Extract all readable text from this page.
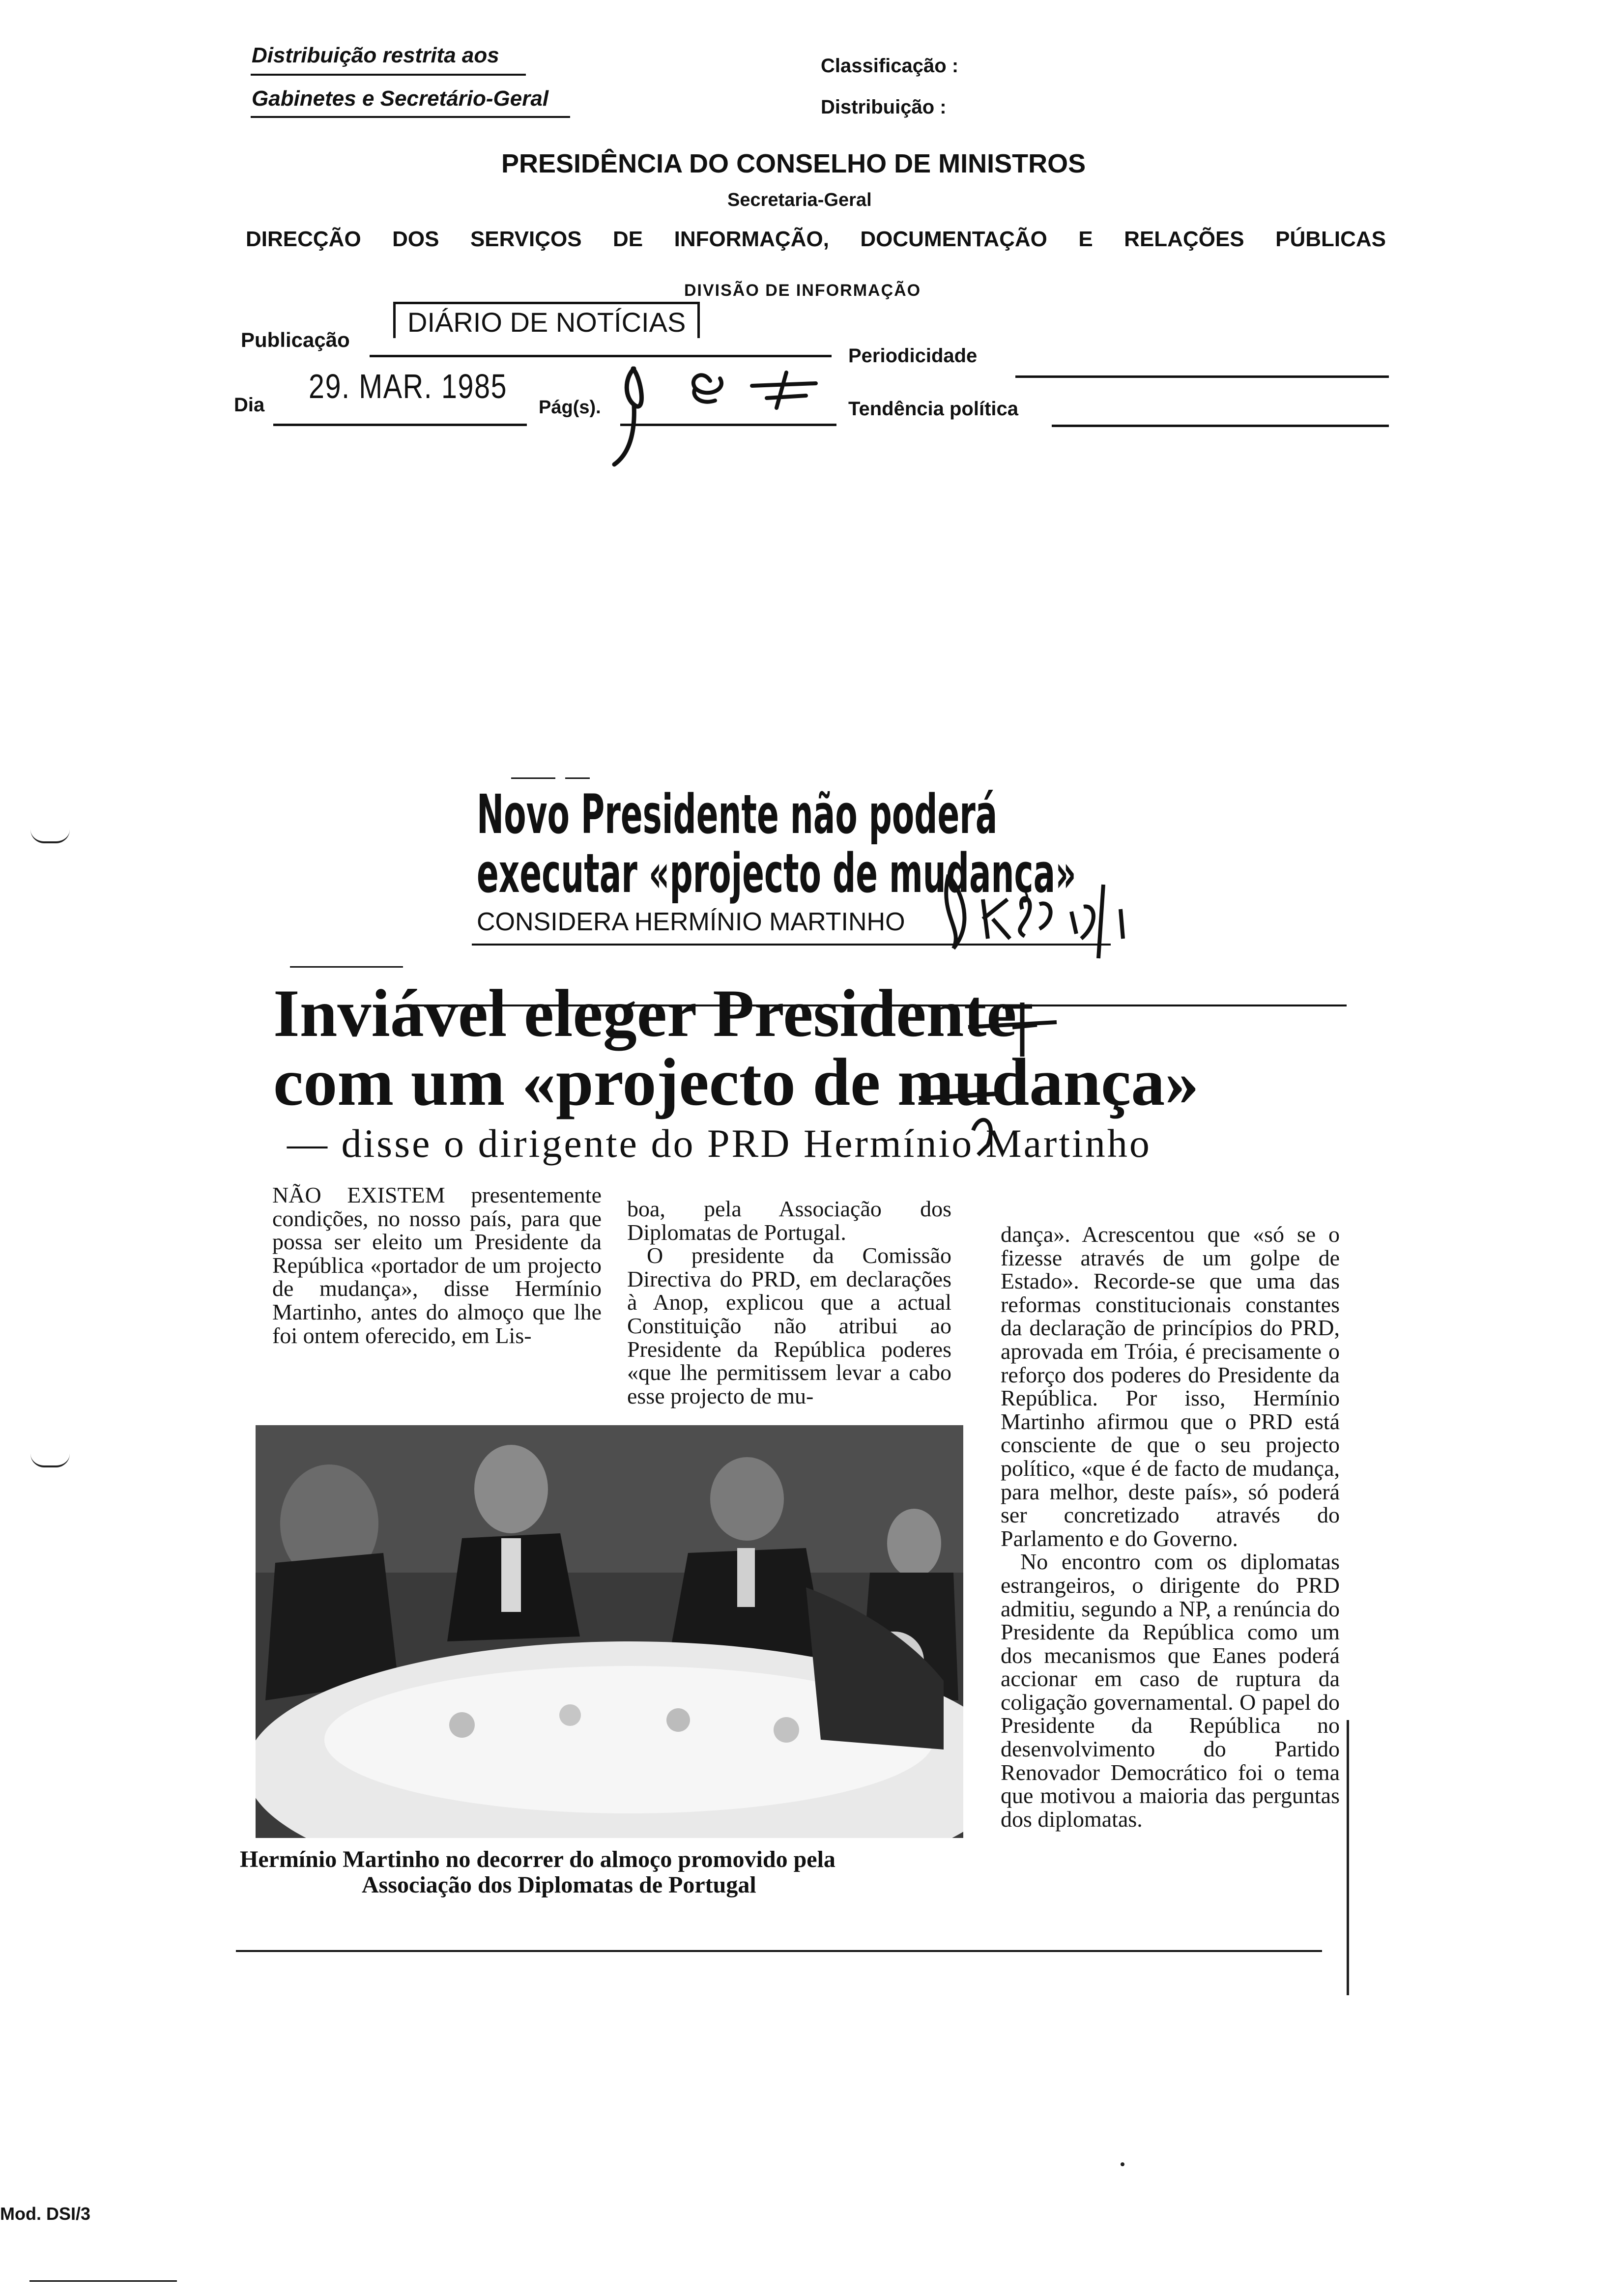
Distribuição restrita aos
Gabinetes e Secretário-Geral
Classificação :
Distribuição :
PRESIDÊNCIA DO CONSELHO DE MINISTROS
Secretaria-Geral
DIRECÇÃO DOS SERVIÇOS DE INFORMAÇÃO, DOCUMENTAÇÃO E RELAÇÕES PÚBLICAS
DIVISÃO DE INFORMAÇÃO
Publicação
DIÁRIO DE NOTÍCIAS
Periodicidade
Dia 29. MAR. 1985
Pág(s).	Tendência política
Novo Presidente não poderá
executar «projecto de mudança»
CONSIDERA HERMÍNIO MARTINHO
Inviável eleger Presidente
com um «projecto de mudança»
— disse o dirigente do PRD Hermínio Martinho

NÃO EXISTEM presentemente condições, no nosso país, para que possa ser eleito um Presidente da República «portador de um projecto de mudança», disse Hermínio Martinho, antes do almoço que lhe foi ontem oferecido, em Lis-

boa, pela Associação dos Diplomatas de Portugal.

O presidente da Comissão Directiva do PRD, em declarações à Anop, explicou que a actual Constituição não atribui ao Presidente da República poderes «que lhe permitissem levar a cabo esse projecto de mu-

Hermínio Martinho no decorrer do almoço promovido pela
Associação dos Diplomatas de Portugal

dança». Acrescentou que «só se o fizesse através de um golpe de Estado». Recorde-se que uma das reformas constitucionais constantes da declaração de princípios do PRD, aprovada em Tróia, é precisamente o reforço dos poderes do Presidente da República. Por isso, Hermínio Martinho afirmou que o PRD está consciente de que o seu projecto político, «que é de facto de mudança, para melhor, deste país», só poderá ser concretizado através do Parlamento e do Governo.

No encontro com os diplomatas estrangeiros, o dirigente do PRD admitiu, segundo a NP, a renúncia do Presidente da República como um dos mecanismos que Eanes poderá accionar em caso de ruptura da coligação governamental. O papel do Presidente da República no desenvolvimento do Partido Renovador Democrático foi o tema que motivou a maioria das perguntas dos diplomatas.

Mod. DSI/3
